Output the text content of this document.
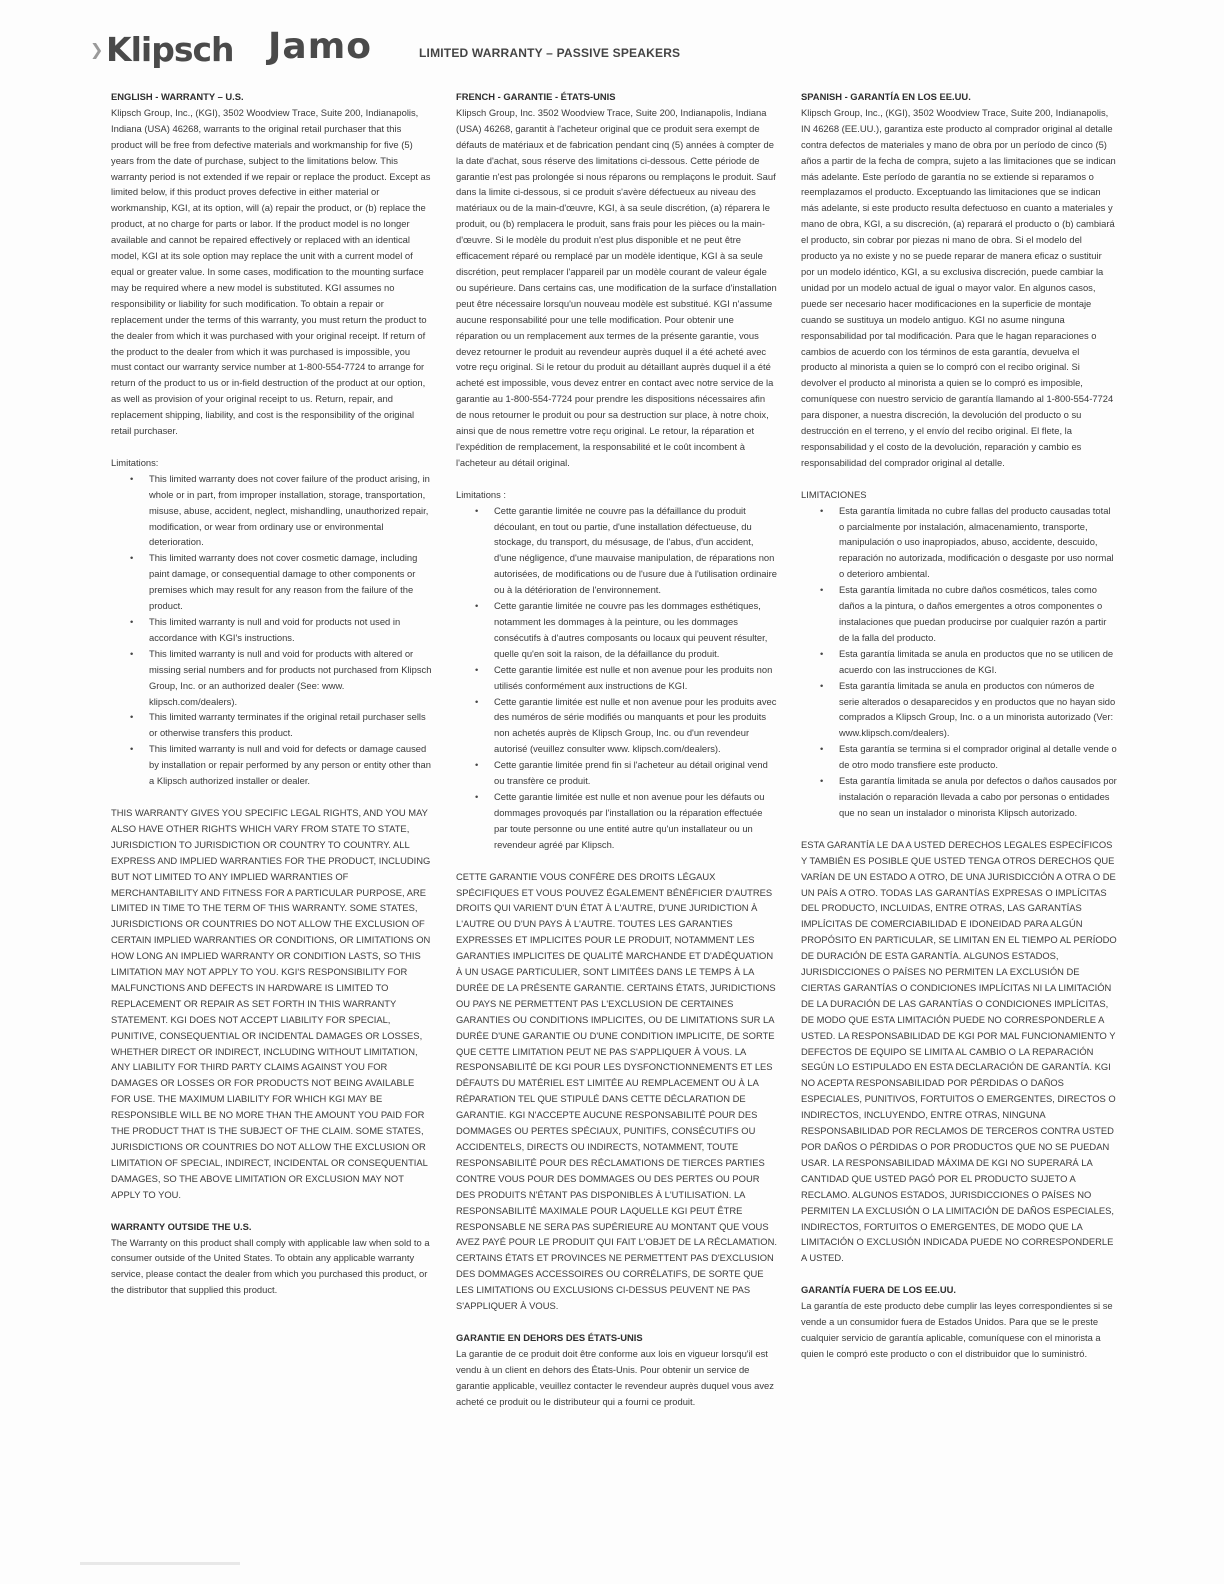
❯ Klipsch Jamo	LIMITED WARRANTY – PASSIVE SPEAKERS

ENGLISH - WARRANTY – U.S.

Klipsch Group, Inc., (KGI), 3502 Woodview Trace, Suite 200, Indianapolis, Indiana (USA) 46268, warrants to the original retail purchaser that this product will be free from defective materials and workmanship for five (5) years from the date of purchase, subject to the limitations below. This warranty period is not extended if we repair or replace the product. Except as limited below, if this product proves defective in either material or workmanship, KGI, at its option, will (a) repair the product, or (b) replace the product, at no charge for parts or labor. If the product model is no longer available and cannot be repaired effectively or replaced with an identical model, KGI at its sole option may replace the unit with a current model of equal or greater value. In some cases, modification to the mounting surface may be required where a new model is substituted. KGI assumes no responsibility or liability for such modification. To obtain a repair or replacement under the terms of this warranty, you must return the product to the dealer from which it was purchased with your original receipt. If return of the product to the dealer from which it was purchased is impossible, you must contact our warranty service number at 1-800-554-7724 to arrange for return of the product to us or in-field destruction of the product at our option, as well as provision of your original receipt to us. Return, repair, and replacement shipping, liability, and cost is the responsibility of the original retail purchaser.

Limitations:

• This limited warranty does not cover failure of the product arising, in whole or in part, from improper installation, storage, transportation, misuse, abuse, accident, neglect, mishandling, unauthorized repair, modification, or wear from ordinary use or environmental deterioration.
• This limited warranty does not cover cosmetic damage, including paint damage, or consequential damage to other components or premises which may result for any reason from the failure of the product.
• This limited warranty is null and void for products not used in accordance with KGI's instructions.
• This limited warranty is null and void for products with altered or missing serial numbers and for products not purchased from Klipsch Group, Inc. or an authorized dealer (See: www. klipsch.com/dealers).
• This limited warranty terminates if the original retail purchaser sells or otherwise transfers this product.
• This limited warranty is null and void for defects or damage caused by installation or repair performed by any person or entity other than a Klipsch authorized installer or dealer.

THIS WARRANTY GIVES YOU SPECIFIC LEGAL RIGHTS, AND YOU MAY ALSO HAVE OTHER RIGHTS WHICH VARY FROM STATE TO STATE, JURISDICTION TO JURISDICTION OR COUNTRY TO COUNTRY. ALL EXPRESS AND IMPLIED WARRANTIES FOR THE PRODUCT, INCLUDING BUT NOT LIMITED TO ANY IMPLIED WARRANTIES OF MERCHANTABILITY AND FITNESS FOR A PARTICULAR PURPOSE, ARE LIMITED IN TIME TO THE TERM OF THIS WARRANTY. SOME STATES, JURISDICTIONS OR COUNTRIES DO NOT ALLOW THE EXCLUSION OF CERTAIN IMPLIED WARRANTIES OR CONDITIONS, OR LIMITATIONS ON HOW LONG AN IMPLIED WARRANTY OR CONDITION LASTS, SO THIS LIMITATION MAY NOT APPLY TO YOU. KGI'S RESPONSIBILITY FOR MALFUNCTIONS AND DEFECTS IN HARDWARE IS LIMITED TO REPLACEMENT OR REPAIR AS SET FORTH IN THIS WARRANTY STATEMENT. KGI DOES NOT ACCEPT LIABILITY FOR SPECIAL, PUNITIVE, CONSEQUENTIAL OR INCIDENTAL DAMAGES OR LOSSES, WHETHER DIRECT OR INDIRECT, INCLUDING WITHOUT LIMITATION, ANY LIABILITY FOR THIRD PARTY CLAIMS AGAINST YOU FOR DAMAGES OR LOSSES OR FOR PRODUCTS NOT BEING AVAILABLE FOR USE. THE MAXIMUM LIABILITY FOR WHICH KGI MAY BE RESPONSIBLE WILL BE NO MORE THAN THE AMOUNT YOU PAID FOR THE PRODUCT THAT IS THE SUBJECT OF THE CLAIM. SOME STATES, JURISDICTIONS OR COUNTRIES DO NOT ALLOW THE EXCLUSION OR LIMITATION OF SPECIAL, INDIRECT, INCIDENTAL OR CONSEQUENTIAL DAMAGES, SO THE ABOVE LIMITATION OR EXCLUSION MAY NOT APPLY TO YOU.

WARRANTY OUTSIDE THE U.S.

The Warranty on this product shall comply with applicable law when sold to a consumer outside of the United States. To obtain any applicable warranty service, please contact the dealer from which you purchased this product, or the distributor that supplied this product.

FRENCH - GARANTIE - ÉTATS-UNIS

Klipsch Group, Inc. 3502 Woodview Trace, Suite 200, Indianapolis, Indiana (USA) 46268, garantit à l'acheteur original que ce produit sera exempt de défauts de matériaux et de fabrication pendant cinq (5) années à compter de la date d'achat, sous réserve des limitations ci-dessous. Cette période de garantie n'est pas prolongée si nous réparons ou remplaçons le produit. Sauf dans la limite ci-dessous, si ce produit s'avère défectueux au niveau des matériaux ou de la main-d'œuvre, KGI, à sa seule discrétion, (a) réparera le produit, ou (b) remplacera le produit, sans frais pour les pièces ou la main-d'œuvre. Si le modèle du produit n'est plus disponible et ne peut être efficacement réparé ou remplacé par un modèle identique, KGI à sa seule discrétion, peut remplacer l'appareil par un modèle courant de valeur égale ou supérieure. Dans certains cas, une modification de la surface d'installation peut être nécessaire lorsqu'un nouveau modèle est substitué. KGI n'assume aucune responsabilité pour une telle modification. Pour obtenir une réparation ou un remplacement aux termes de la présente garantie, vous devez retourner le produit au revendeur auprès duquel il a été acheté avec votre reçu original. Si le retour du produit au détaillant auprès duquel il a été acheté est impossible, vous devez entrer en contact avec notre service de la garantie au 1-800-554-7724 pour prendre les dispositions nécessaires afin de nous retourner le produit ou pour sa destruction sur place, à notre choix, ainsi que de nous remettre votre reçu original. Le retour, la réparation et l'expédition de remplacement, la responsabilité et le coût incombent à l'acheteur au détail original.

Limitations :

• Cette garantie limitée ne couvre pas la défaillance du produit découlant, en tout ou partie, d'une installation défectueuse, du stockage, du transport, du mésusage, de l'abus, d'un accident, d'une négligence, d'une mauvaise manipulation, de réparations non autorisées, de modifications ou de l'usure due à l'utilisation ordinaire ou à la détérioration de l'environnement.
• Cette garantie limitée ne couvre pas les dommages esthétiques, notamment les dommages à la peinture, ou les dommages consécutifs à d'autres composants ou locaux qui peuvent résulter, quelle qu'en soit la raison, de la défaillance du produit.
• Cette garantie limitée est nulle et non avenue pour les produits non utilisés conformément aux instructions de KGI.
• Cette garantie limitée est nulle et non avenue pour les produits avec des numéros de série modifiés ou manquants et pour les produits non achetés auprès de Klipsch Group, Inc. ou d'un revendeur autorisé (veuillez consulter www. klipsch.com/dealers).
• Cette garantie limitée prend fin si l'acheteur au détail original vend ou transfère ce produit.
• Cette garantie limitée est nulle et non avenue pour les défauts ou dommages provoqués par l'installation ou la réparation effectuée par toute personne ou une entité autre qu'un installateur ou un revendeur agréé par Klipsch.

CETTE GARANTIE VOUS CONFÈRE DES DROITS LÉGAUX SPÉCIFIQUES ET VOUS POUVEZ ÉGALEMENT BÉNÉFICIER D'AUTRES DROITS QUI VARIENT D'UN ÉTAT À L'AUTRE, D'UNE JURIDICTION À L'AUTRE OU D'UN PAYS À L'AUTRE. TOUTES LES GARANTIES EXPRESSES ET IMPLICITES POUR LE PRODUIT, NOTAMMENT LES GARANTIES IMPLICITES DE QUALITÉ MARCHANDE ET D'ADÉQUATION À UN USAGE PARTICULIER, SONT LIMITÉES DANS LE TEMPS À LA DURÉE DE LA PRÉSENTE GARANTIE. CERTAINS ÉTATS, JURIDICTIONS OU PAYS NE PERMETTENT PAS L'EXCLUSION DE CERTAINES GARANTIES OU CONDITIONS IMPLICITES, OU DE LIMITATIONS SUR LA DURÉE D'UNE GARANTIE OU D'UNE CONDITION IMPLICITE, DE SORTE QUE CETTE LIMITATION PEUT NE PAS S'APPLIQUER À VOUS. LA RESPONSABILITÉ DE KGI POUR LES DYSFONCTIONNEMENTS ET LES DÉFAUTS DU MATÉRIEL EST LIMITÉE AU REMPLACEMENT OU À LA RÉPARATION TEL QUE STIPULÉ DANS CETTE DÉCLARATION DE GARANTIE. KGI N'ACCEPTE AUCUNE RESPONSABILITÉ POUR DES DOMMAGES OU PERTES SPÉCIAUX, PUNITIFS, CONSÉCUTIFS OU ACCIDENTELS, DIRECTS OU INDIRECTS, NOTAMMENT, TOUTE RESPONSABILITÉ POUR DES RÉCLAMATIONS DE TIERCES PARTIES CONTRE VOUS POUR DES DOMMAGES OU DES PERTES OU POUR DES PRODUITS N'ÉTANT PAS DISPONIBLES À L'UTILISATION. LA RESPONSABILITÉ MAXIMALE POUR LAQUELLE KGI PEUT ÊTRE RESPONSABLE NE SERA PAS SUPÉRIEURE AU MONTANT QUE VOUS AVEZ PAYÉ POUR LE PRODUIT QUI FAIT L'OBJET DE LA RÉCLAMATION. CERTAINS ÉTATS ET PROVINCES NE PERMETTENT PAS D'EXCLUSION DES DOMMAGES ACCESSOIRES OU CORRÉLATIFS, DE SORTE QUE LES LIMITATIONS OU EXCLUSIONS CI-DESSUS PEUVENT NE PAS S'APPLIQUER À VOUS.

GARANTIE EN DEHORS DES ÉTATS-UNIS

La garantie de ce produit doit être conforme aux lois en vigueur lorsqu'il est vendu à un client en dehors des États-Unis. Pour obtenir un service de garantie applicable, veuillez contacter le revendeur auprès duquel vous avez acheté ce produit ou le distributeur qui a fourni ce produit.

SPANISH - GARANTÍA EN LOS EE.UU.

Klipsch Group, Inc., (KGI), 3502 Woodview Trace, Suite 200, Indianapolis, IN 46268 (EE.UU.), garantiza este producto al comprador original al detalle contra defectos de materiales y mano de obra por un período de cinco (5) años a partir de la fecha de compra, sujeto a las limitaciones que se indican más adelante. Este período de garantía no se extiende si reparamos o reemplazamos el producto. Exceptuando las limitaciones que se indican más adelante, si este producto resulta defectuoso en cuanto a materiales y mano de obra, KGI, a su discreción, (a) reparará el producto o (b) cambiará el producto, sin cobrar por piezas ni mano de obra. Si el modelo del producto ya no existe y no se puede reparar de manera eficaz o sustituir por un modelo idéntico, KGI, a su exclusiva discreción, puede cambiar la unidad por un modelo actual de igual o mayor valor. En algunos casos, puede ser necesario hacer modificaciones en la superficie de montaje cuando se sustituya un modelo antiguo. KGI no asume ninguna responsabilidad por tal modificación. Para que le hagan reparaciones o cambios de acuerdo con los términos de esta garantía, devuelva el producto al minorista a quien se lo compró con el recibo original. Si devolver el producto al minorista a quien se lo compró es imposible, comuníquese con nuestro servicio de garantía llamando al 1-800-554-7724 para disponer, a nuestra discreción, la devolución del producto o su destrucción en el terreno, y el envío del recibo original. El flete, la responsabilidad y el costo de la devolución, reparación y cambio es responsabilidad del comprador original al detalle.

LIMITACIONES

• Esta garantía limitada no cubre fallas del producto causadas total o parcialmente por instalación, almacenamiento, transporte, manipulación o uso inapropiados, abuso, accidente, descuido, reparación no autorizada, modificación o desgaste por uso normal o deterioro ambiental.
• Esta garantía limitada no cubre daños cosméticos, tales como daños a la pintura, o daños emergentes a otros componentes o instalaciones que puedan producirse por cualquier razón a partir de la falla del producto.
• Esta garantía limitada se anula en productos que no se utilicen de acuerdo con las instrucciones de KGI.
• Esta garantía limitada se anula en productos con números de serie alterados o desaparecidos y en productos que no hayan sido comprados a Klipsch Group, Inc. o a un minorista autorizado (Ver: www.klipsch.com/dealers).
• Esta garantía se termina si el comprador original al detalle vende o de otro modo transfiere este producto.
• Esta garantía limitada se anula por defectos o daños causados por instalación o reparación llevada a cabo por personas o entidades que no sean un instalador o minorista Klipsch autorizado.

ESTA GARANTÍA LE DA A USTED DERECHOS LEGALES ESPECÍFICOS Y TAMBIÉN ES POSIBLE QUE USTED TENGA OTROS DERECHOS QUE VARÍAN DE UN ESTADO A OTRO, DE UNA JURISDICCIÓN A OTRA O DE UN PAÍS A OTRO. TODAS LAS GARANTÍAS EXPRESAS O IMPLÍCITAS DEL PRODUCTO, INCLUIDAS, ENTRE OTRAS, LAS GARANTÍAS IMPLÍCITAS DE COMERCIABILIDAD E IDONEIDAD PARA ALGÚN PROPÓSITO EN PARTICULAR, SE LIMITAN EN EL TIEMPO AL PERÍODO DE DURACIÓN DE ESTA GARANTÍA. ALGUNOS ESTADOS, JURISDICCIONES O PAÍSES NO PERMITEN LA EXCLUSIÓN DE CIERTAS GARANTÍAS O CONDICIONES IMPLÍCITAS NI LA LIMITACIÓN DE LA DURACIÓN DE LAS GARANTÍAS O CONDICIONES IMPLÍCITAS, DE MODO QUE ESTA LIMITACIÓN PUEDE NO CORRESPONDERLE A USTED. LA RESPONSABILIDAD DE KGI POR MAL FUNCIONAMIENTO Y DEFECTOS DE EQUIPO SE LIMITA AL CAMBIO O LA REPARACIÓN SEGÚN LO ESTIPULADO EN ESTA DECLARACIÓN DE GARANTÍA. KGI NO ACEPTA RESPONSABILIDAD POR PÉRDIDAS O DAÑOS ESPECIALES, PUNITIVOS, FORTUITOS O EMERGENTES, DIRECTOS O INDIRECTOS, INCLUYENDO, ENTRE OTRAS, NINGUNA RESPONSABILIDAD POR RECLAMOS DE TERCEROS CONTRA USTED POR DAÑOS O PÉRDIDAS O POR PRODUCTOS QUE NO SE PUEDAN USAR. LA RESPONSABILIDAD MÁXIMA DE KGI NO SUPERARÁ LA CANTIDAD QUE USTED PAGÓ POR EL PRODUCTO SUJETO A RECLAMO. ALGUNOS ESTADOS, JURISDICCIONES O PAÍSES NO PERMITEN LA EXCLUSIÓN O LA LIMITACIÓN DE DAÑOS ESPECIALES, INDIRECTOS, FORTUITOS O EMERGENTES, DE MODO QUE LA LIMITACIÓN O EXCLUSIÓN INDICADA PUEDE NO CORRESPONDERLE A USTED.

GARANTÍA FUERA DE LOS EE.UU.

La garantía de este producto debe cumplir las leyes correspondientes si se vende a un consumidor fuera de Estados Unidos. Para que se le preste cualquier servicio de garantía aplicable, comuníquese con el minorista a quien le compró este producto o con el distribuidor que lo suministró.
